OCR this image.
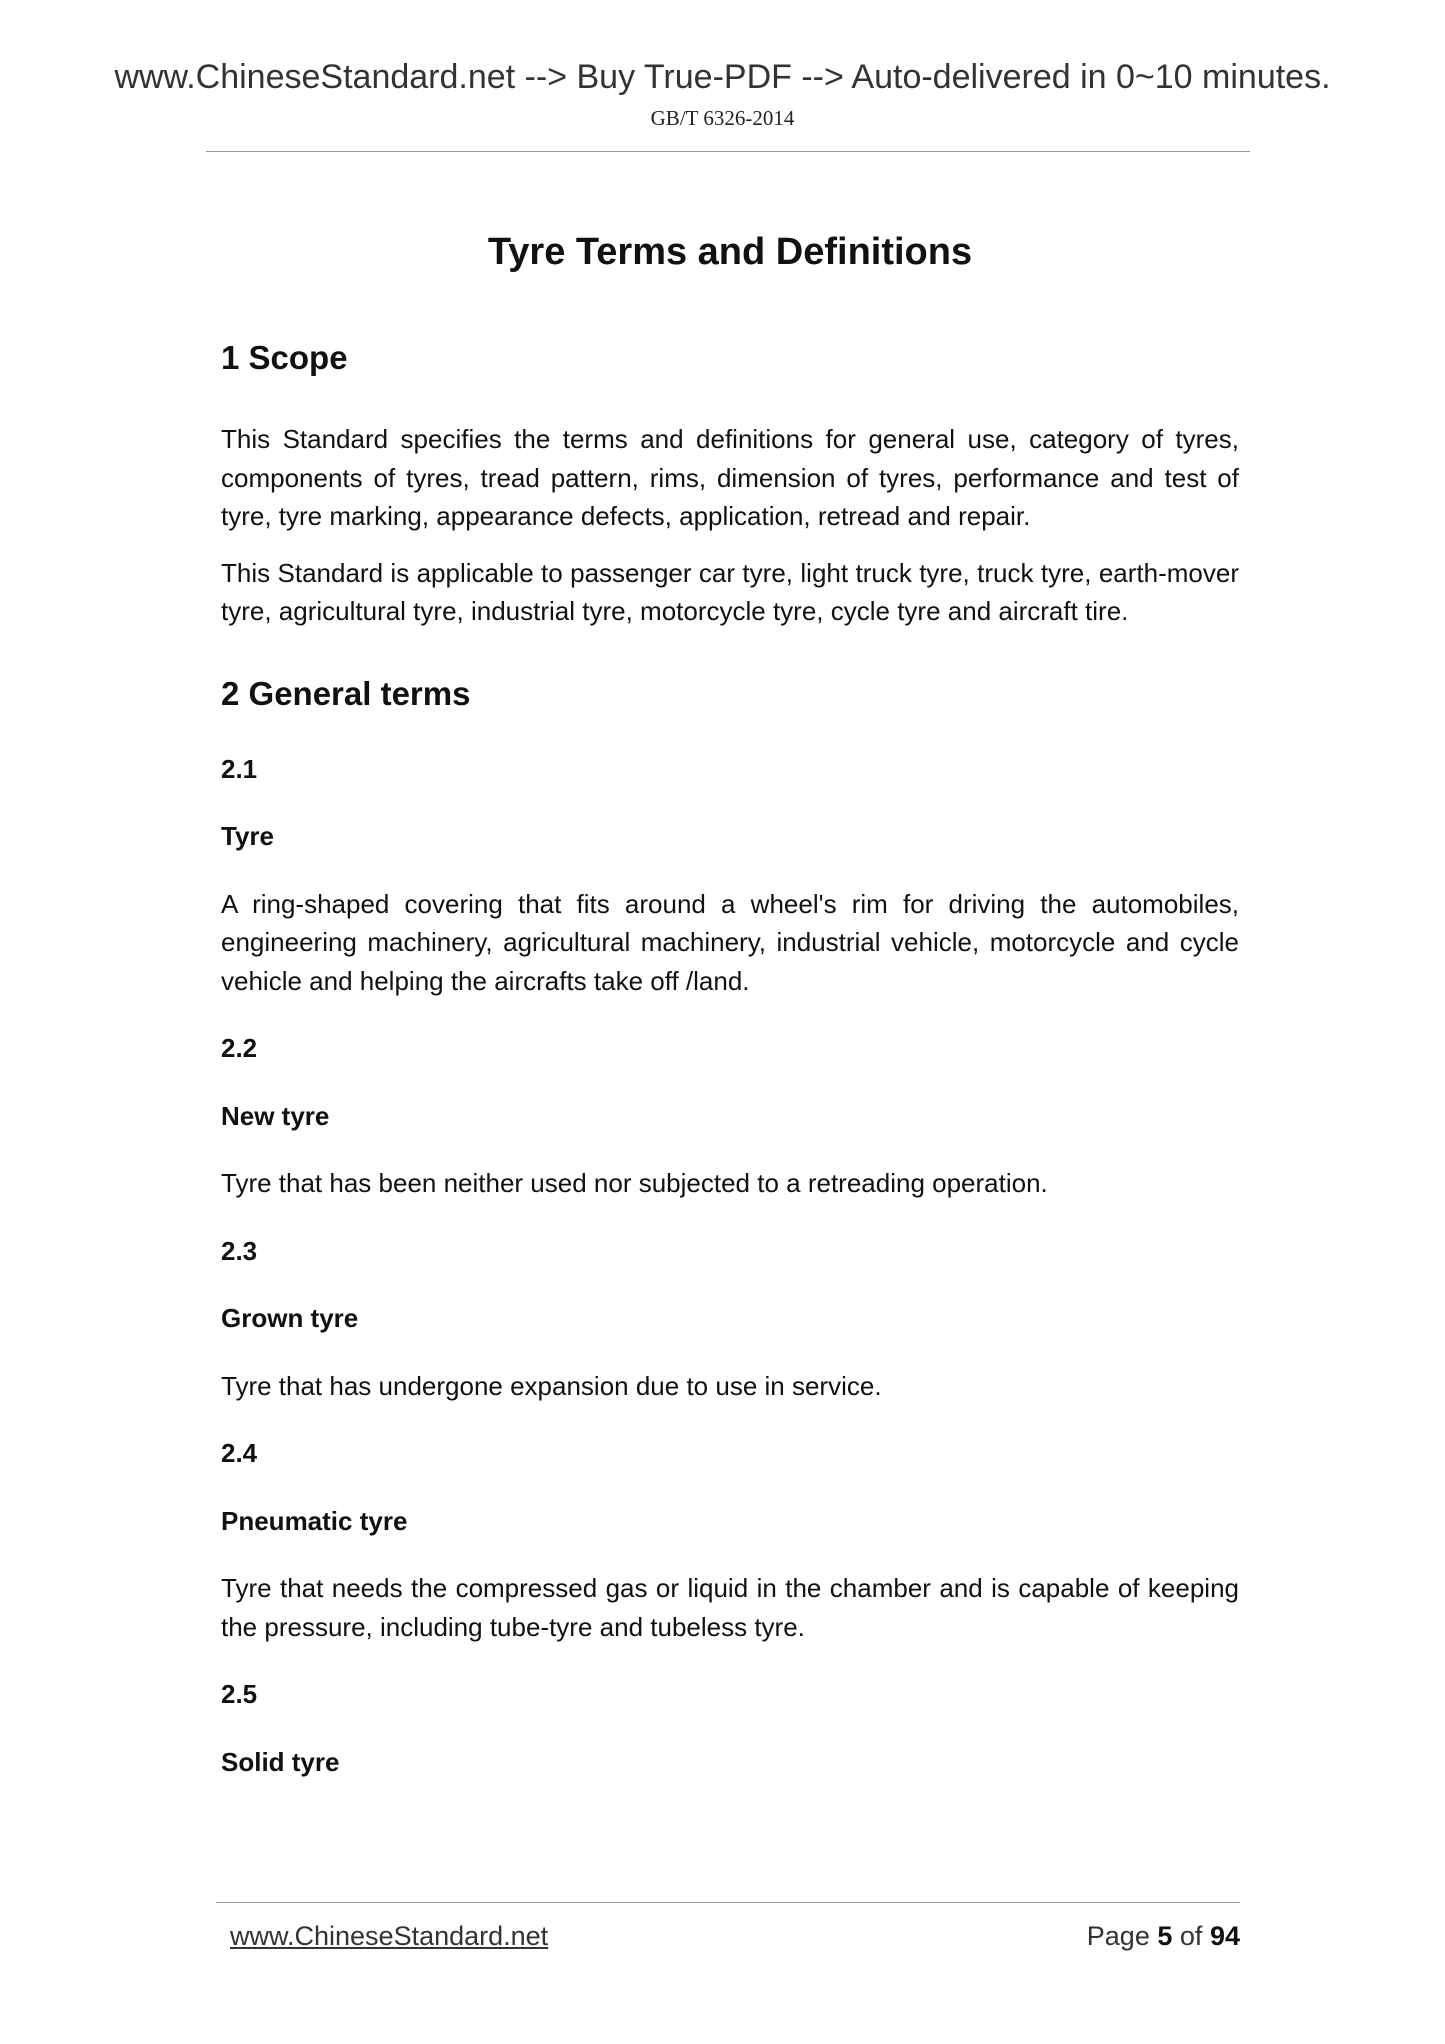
www.ChineseStandard.net --> Buy True-PDF --> Auto-delivered in 0~10 minutes.
GB/T 6326-2014
Tyre Terms and Definitions
1 Scope

This Standard specifies the terms and definitions for general use, category of tyres, components of tyres, tread pattern, rims, dimension of tyres, performance and test of tyre, tyre marking, appearance defects, application, retread and repair.

This Standard is applicable to passenger car tyre, light truck tyre, truck tyre, earth-mover tyre, agricultural tyre, industrial tyre, motorcycle tyre, cycle tyre and aircraft tire.

2 General terms

2.1

Tyre

A ring-shaped covering that fits around a wheel's rim for driving the automobiles, engineering machinery, agricultural machinery, industrial vehicle, motorcycle and cycle vehicle and helping the aircrafts take off /land.

2.2

New tyre

Tyre that has been neither used nor subjected to a retreading operation.

2.3

Grown tyre

Tyre that has undergone expansion due to use in service.

2.4

Pneumatic tyre

Tyre that needs the compressed gas or liquid in the chamber and is capable of keeping the pressure, including tube-tyre and tubeless tyre.

2.5

Solid tyre

www.ChineseStandard.net	Page 5 of 94
